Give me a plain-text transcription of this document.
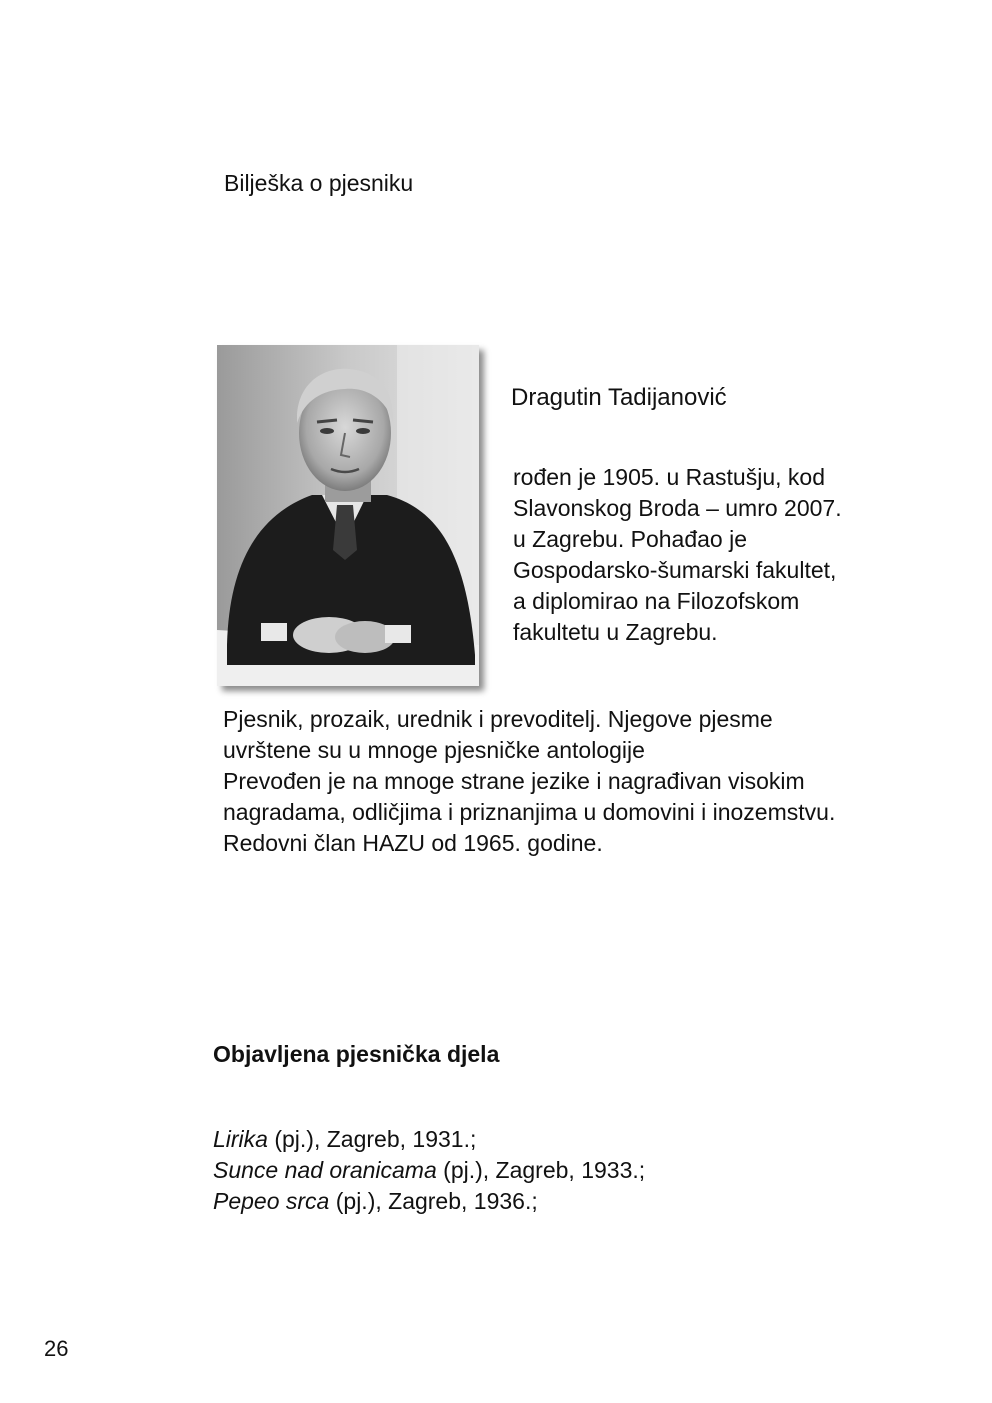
Bilješka o pjesniku
Dragutin Tadijanović
rođen je 1905. u Rastušju, kod
Slavonskog Broda – umro 2007.
u Zagrebu. Pohađao je
Gospodarsko-šumarski fakultet,
a diplomirao na Filozofskom
fakultetu u Zagrebu.
Pjesnik, prozaik, urednik i prevoditelj. Njegove pjesme
uvrštene su u mnoge pjesničke antologije
Prevođen je na mnoge strane jezike i nagrađivan visokim
nagradama, odličjima i priznanjima u domovini i inozemstvu.
Redovni član HAZU od 1965. godine.
Objavljena pjesnička djela
Lirika (pj.), Zagreb, 1931.;
Sunce nad oranicama (pj.), Zagreb, 1933.;
Pepeo srca (pj.), Zagreb, 1936.;
26
